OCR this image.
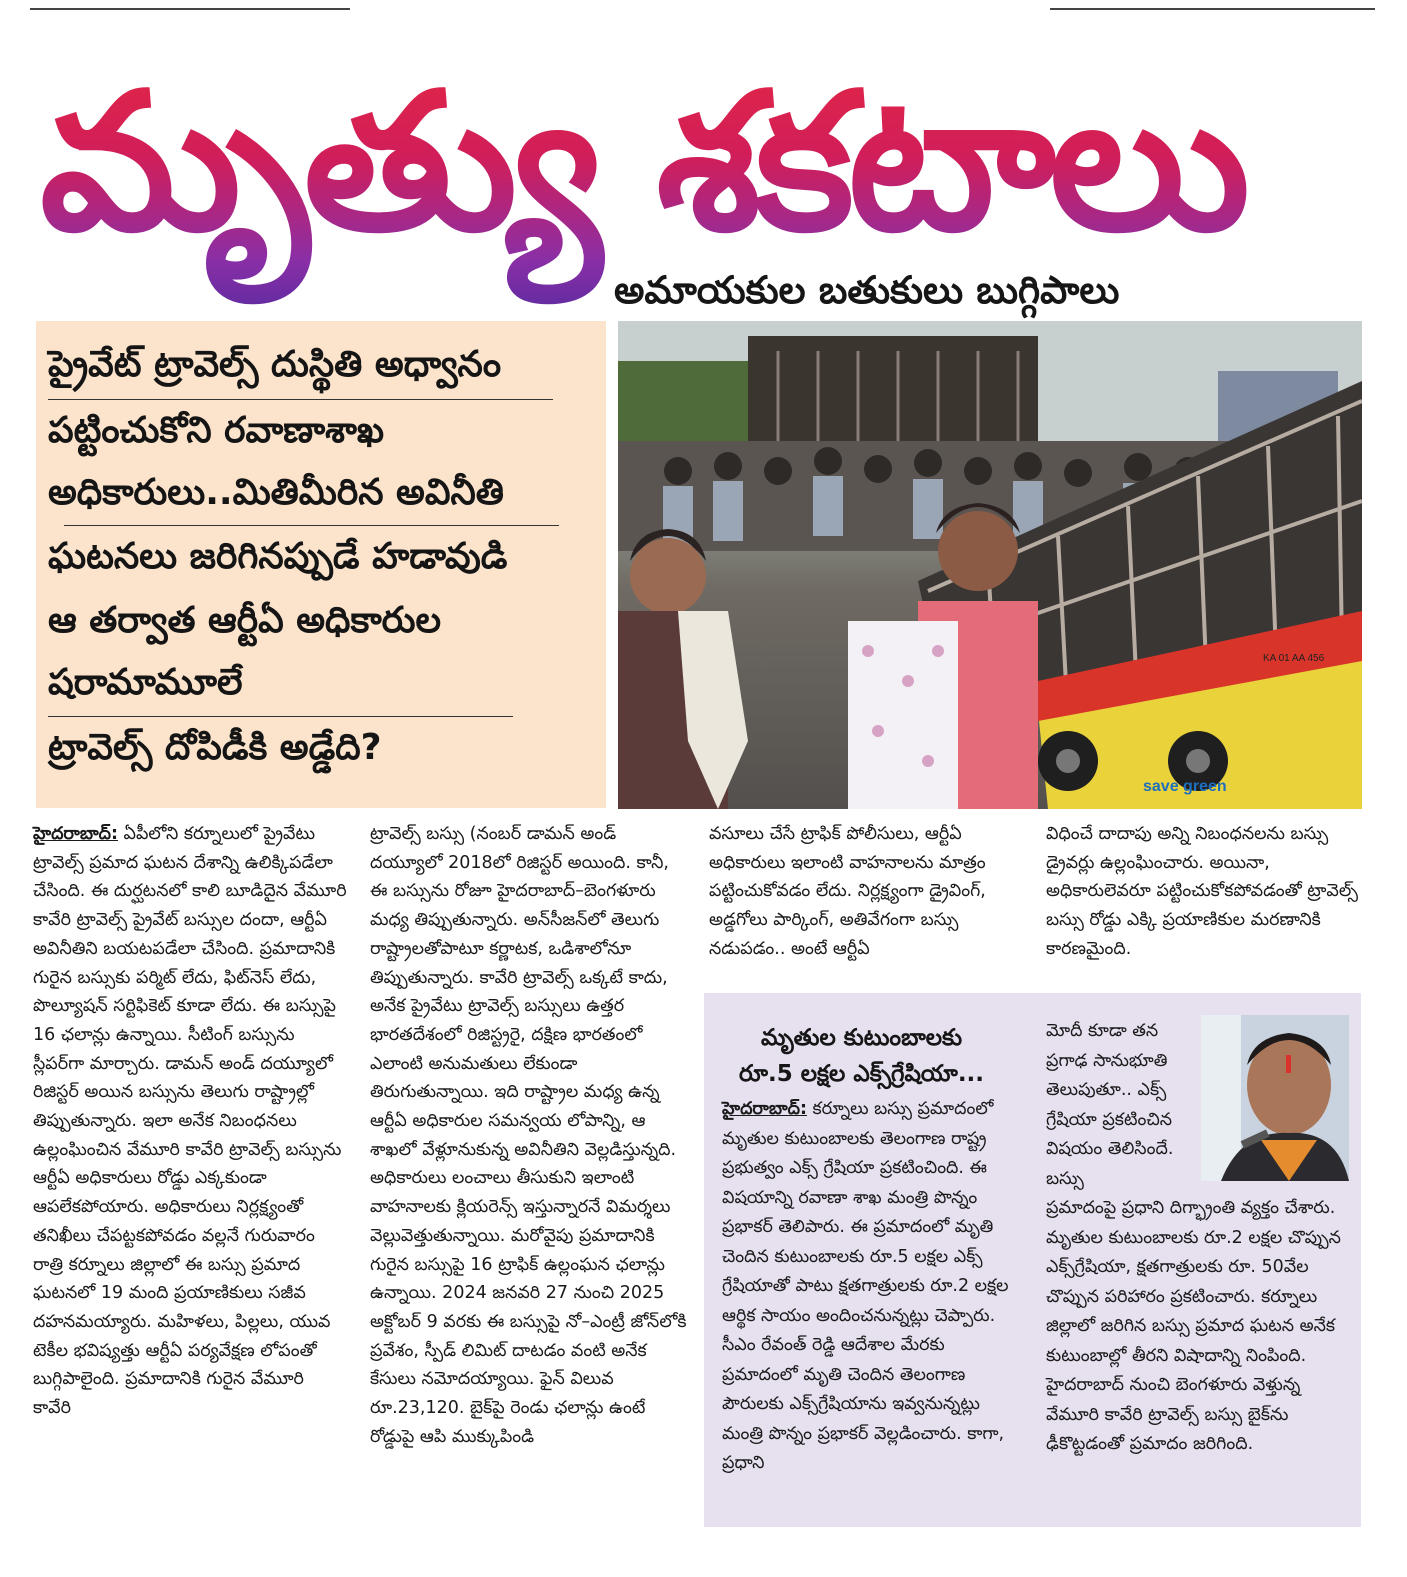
మృత్యు శకటాలు
అమాయకుల బతుకులు బుగ్గిపాలు
ప్రైవేట్ ట్రావెల్స్ దుస్థితి అధ్వానం
పట్టించుకోని రవాణాశాఖ
అధికారులు..మితిమీరిన అవినీతి
ఘటనలు జరిగినప్పుడే హడావుడి
ఆ తర్వాత ఆర్టీఏ అధికారుల
షరామామూలే
ట్రావెల్స్ దోపిడీకి అడ్డేది?
save green
KA 01 AA 456

హైదరాబాద్: ఏపీలోని కర్నూలులో ప్రైవేటు ట్రావెల్స్ ప్రమాద ఘటన దేశాన్ని ఉలిక్కిపడేలా చేసింది. ఈ దుర్ఘటనలో కాలి బూడిదైన వేమూరి కావేరి ట్రావెల్స్ ప్రైవేట్ బస్సుల దందా, ఆర్టీఏ అవినీతిని బయటపడేలా చేసింది. ప్రమాదానికి గురైన బస్సుకు పర్మిట్ లేదు, ఫిట్‌నెస్ లేదు, పొల్యూషన్ సర్టిఫికెట్ కూడా లేదు. ఈ బస్సుపై 16 ఛలాన్లు ఉన్నాయి. సీటింగ్ బస్సును స్లీపర్‌గా మార్చారు. డామన్ అండ్ దయ్యూలో రిజిస్టర్ అయిన బస్సును తెలుగు రాష్ట్రాల్లో తిప్పుతున్నారు. ఇలా అనేక నిబంధనలు ఉల్లంఘించిన వేమూరి కావేరి ట్రావెల్స్ బస్సును ఆర్టీఏ అధికారులు రోడ్డు ఎక్కకుండా ఆపలేకపోయారు. అధికారులు నిర్లక్ష్యంతో తనిఖీలు చేపట్టకపోవడం వల్లనే గురువారం రాత్రి కర్నూలు జిల్లాలో ఈ బస్సు ప్రమాద ఘటనలో 19 మంది ప్రయాణికులు సజీవ దహనమయ్యారు. మహిళలు, పిల్లలు, యువ టెకీల భవిష్యత్తు ఆర్టీఏ పర్యవేక్షణ లోపంతో బుగ్గిపాలైంది. ప్రమాదానికి గురైన వేమూరి కావేరి

ట్రావెల్స్ బస్సు (నంబర్ డామన్ అండ్ దయ్యూలో 2018లో రిజిస్టర్ అయింది. కానీ, ఈ బస్సును రోజూ హైదరాబాద్–బెంగళూరు మధ్య తిప్పుతున్నారు. అన్‌సీజన్‌లో తెలుగు రాష్ట్రాలతోపాటూ కర్ణాటక, ఒడిశాలోనూ తిప్పుతున్నారు. కావేరి ట్రావెల్స్ ఒక్కటే కాదు, అనేక ప్రైవేటు ట్రావెల్స్ బస్సులు ఉత్తర భారతదేశంలో రిజిస్ట్రరై, దక్షిణ భారతంలో ఎలాంటి అనుమతులు లేకుండా తిరుగుతున్నాయి. ఇది రాష్ట్రాల మధ్య ఉన్న ఆర్టీఏ అధికారుల సమన్వయ లోపాన్ని, ఆ శాఖలో వేళ్లూనుకున్న అవినీతిని వెల్లడిస్తున్నది. అధికారులు లంచాలు తీసుకుని ఇలాంటి వాహనాలకు క్లియరెన్స్ ఇస్తున్నారనే విమర్శలు వెల్లువెత్తుతున్నాయి. మరోవైపు ప్రమాదానికి గురైన బస్సుపై 16 ట్రాఫిక్ ఉల్లంఘన ఛలాన్లు ఉన్నాయి. 2024 జనవరి 27 నుంచి 2025 అక్టోబర్ 9 వరకు ఈ బస్సుపై నో–ఎంట్రీ జోన్‌లోకి ప్రవేశం, స్పీడ్ లిమిట్ దాటడం వంటి అనేక కేసులు నమోదయ్యాయి. ఫైన్ విలువ రూ.23,120. బైక్‌పై రెండు ఛలాన్లు ఉంటే రోడ్డుపై ఆపి ముక్కుపిండి

వసూలు చేసే ట్రాఫిక్ పోలీసులు, ఆర్టీఏ అధికారులు ఇలాంటి వాహనాలను మాత్రం పట్టించుకోవడం లేదు. నిర్లక్ష్యంగా డ్రైవింగ్, అడ్డగోలు పార్కింగ్, అతివేగంగా బస్సు నడుపడం.. అంటే ఆర్టీఏ

విధించే దాదాపు అన్ని నిబంధనలను బస్సు డ్రైవర్లు ఉల్లంఘించారు. అయినా, అధికారులెవరూ పట్టించుకోకపోవడంతో ట్రావెల్స్ బస్సు రోడ్డు ఎక్కి ప్రయాణికుల మరణానికి కారణమైంది.

మృతుల కుటుంబాలకు
రూ.5 లక్షల ఎక్స్‌గ్రేషియా...

హైదరాబాద్: కర్నూలు బస్సు ప్రమాదంలో మృతుల కుటుంబాలకు తెలంగాణ రాష్ట్ర ప్రభుత్వం ఎక్స్ గ్రేషియా ప్రకటించింది. ఈ విషయాన్ని రవాణా శాఖ మంత్రి పొన్నం ప్రభాకర్ తెలిపారు. ఈ ప్రమాదంలో మృతి చెందిన కుటుంబాలకు రూ.5 లక్షల ఎక్స్ గ్రేషియాతో పాటు క్షతగాత్రులకు రూ.2 లక్షల ఆర్థిక సాయం అందించనున్నట్లు చెప్పారు. సీఎం రేవంత్ రెడ్డి ఆదేశాల మేరకు ప్రమాదంలో మృతి చెందిన తెలంగాణ పౌరులకు ఎక్స్‌గ్రేషియాను ఇవ్వనున్నట్లు మంత్రి పొన్నం ప్రభాకర్ వెల్లడించారు. కాగా, ప్రధాని

మోదీ కూడా తన ప్రగాఢ సానుభూతి తెలుపుతూ.. ఎక్స్ గ్రేషియా ప్రకటించిన విషయం తెలిసిందే. బస్సు

ప్రమాదంపై ప్రధాని దిగ్భ్రాంతి వ్యక్తం చేశారు. మృతుల కుటుంబాలకు రూ.2 లక్షల చొప్పున ఎక్స్‌గ్రేషియా, క్షతగాత్రులకు రూ. 50వేల చొప్పున పరిహారం ప్రకటించారు. కర్నూలు జిల్లాలో జరిగిన బస్సు ప్రమాద ఘటన అనేక కుటుంబాల్లో తీరని విషాదాన్ని నింపింది. హైదరాబాద్ నుంచి బెంగళూరు వెళ్తున్న వేమూరి కావేరి ట్రావెల్స్ బస్సు బైక్‌ను ఢీకొట్టడంతో ప్రమాదం జరిగింది.
